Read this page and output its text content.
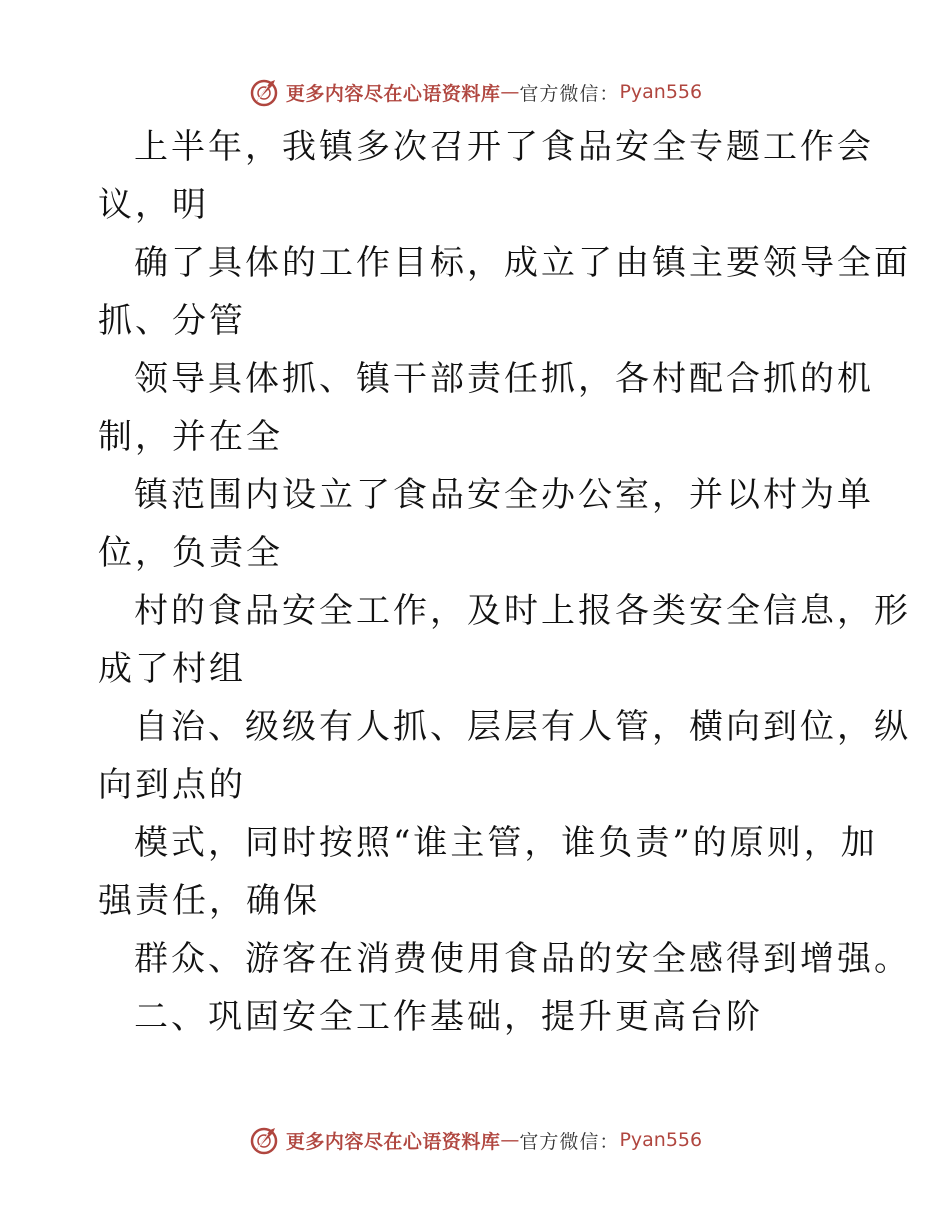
更多内容尽在心语资料库 — 官方微信： Pyan556
上半年，我镇多次召开了食品安全专题工作会
议，明
确了具体的工作目标，成立了由镇主要领导全面
抓、分管
领导具体抓、镇干部责任抓，各村配合抓的机
制，并在全
镇范围内设立了食品安全办公室，并以村为单
位，负责全
村的食品安全工作，及时上报各类安全信息，形
成了村组
自治、级级有人抓、层层有人管，横向到位，纵
向到点的
模式，同时按照“谁主管，谁负责”的原则，加
强责任，确保
群众、游客在消费使用食品的安全感得到增强。
二、巩固安全工作基础，提升更高台阶
更多内容尽在心语资料库 — 官方微信： Pyan556
